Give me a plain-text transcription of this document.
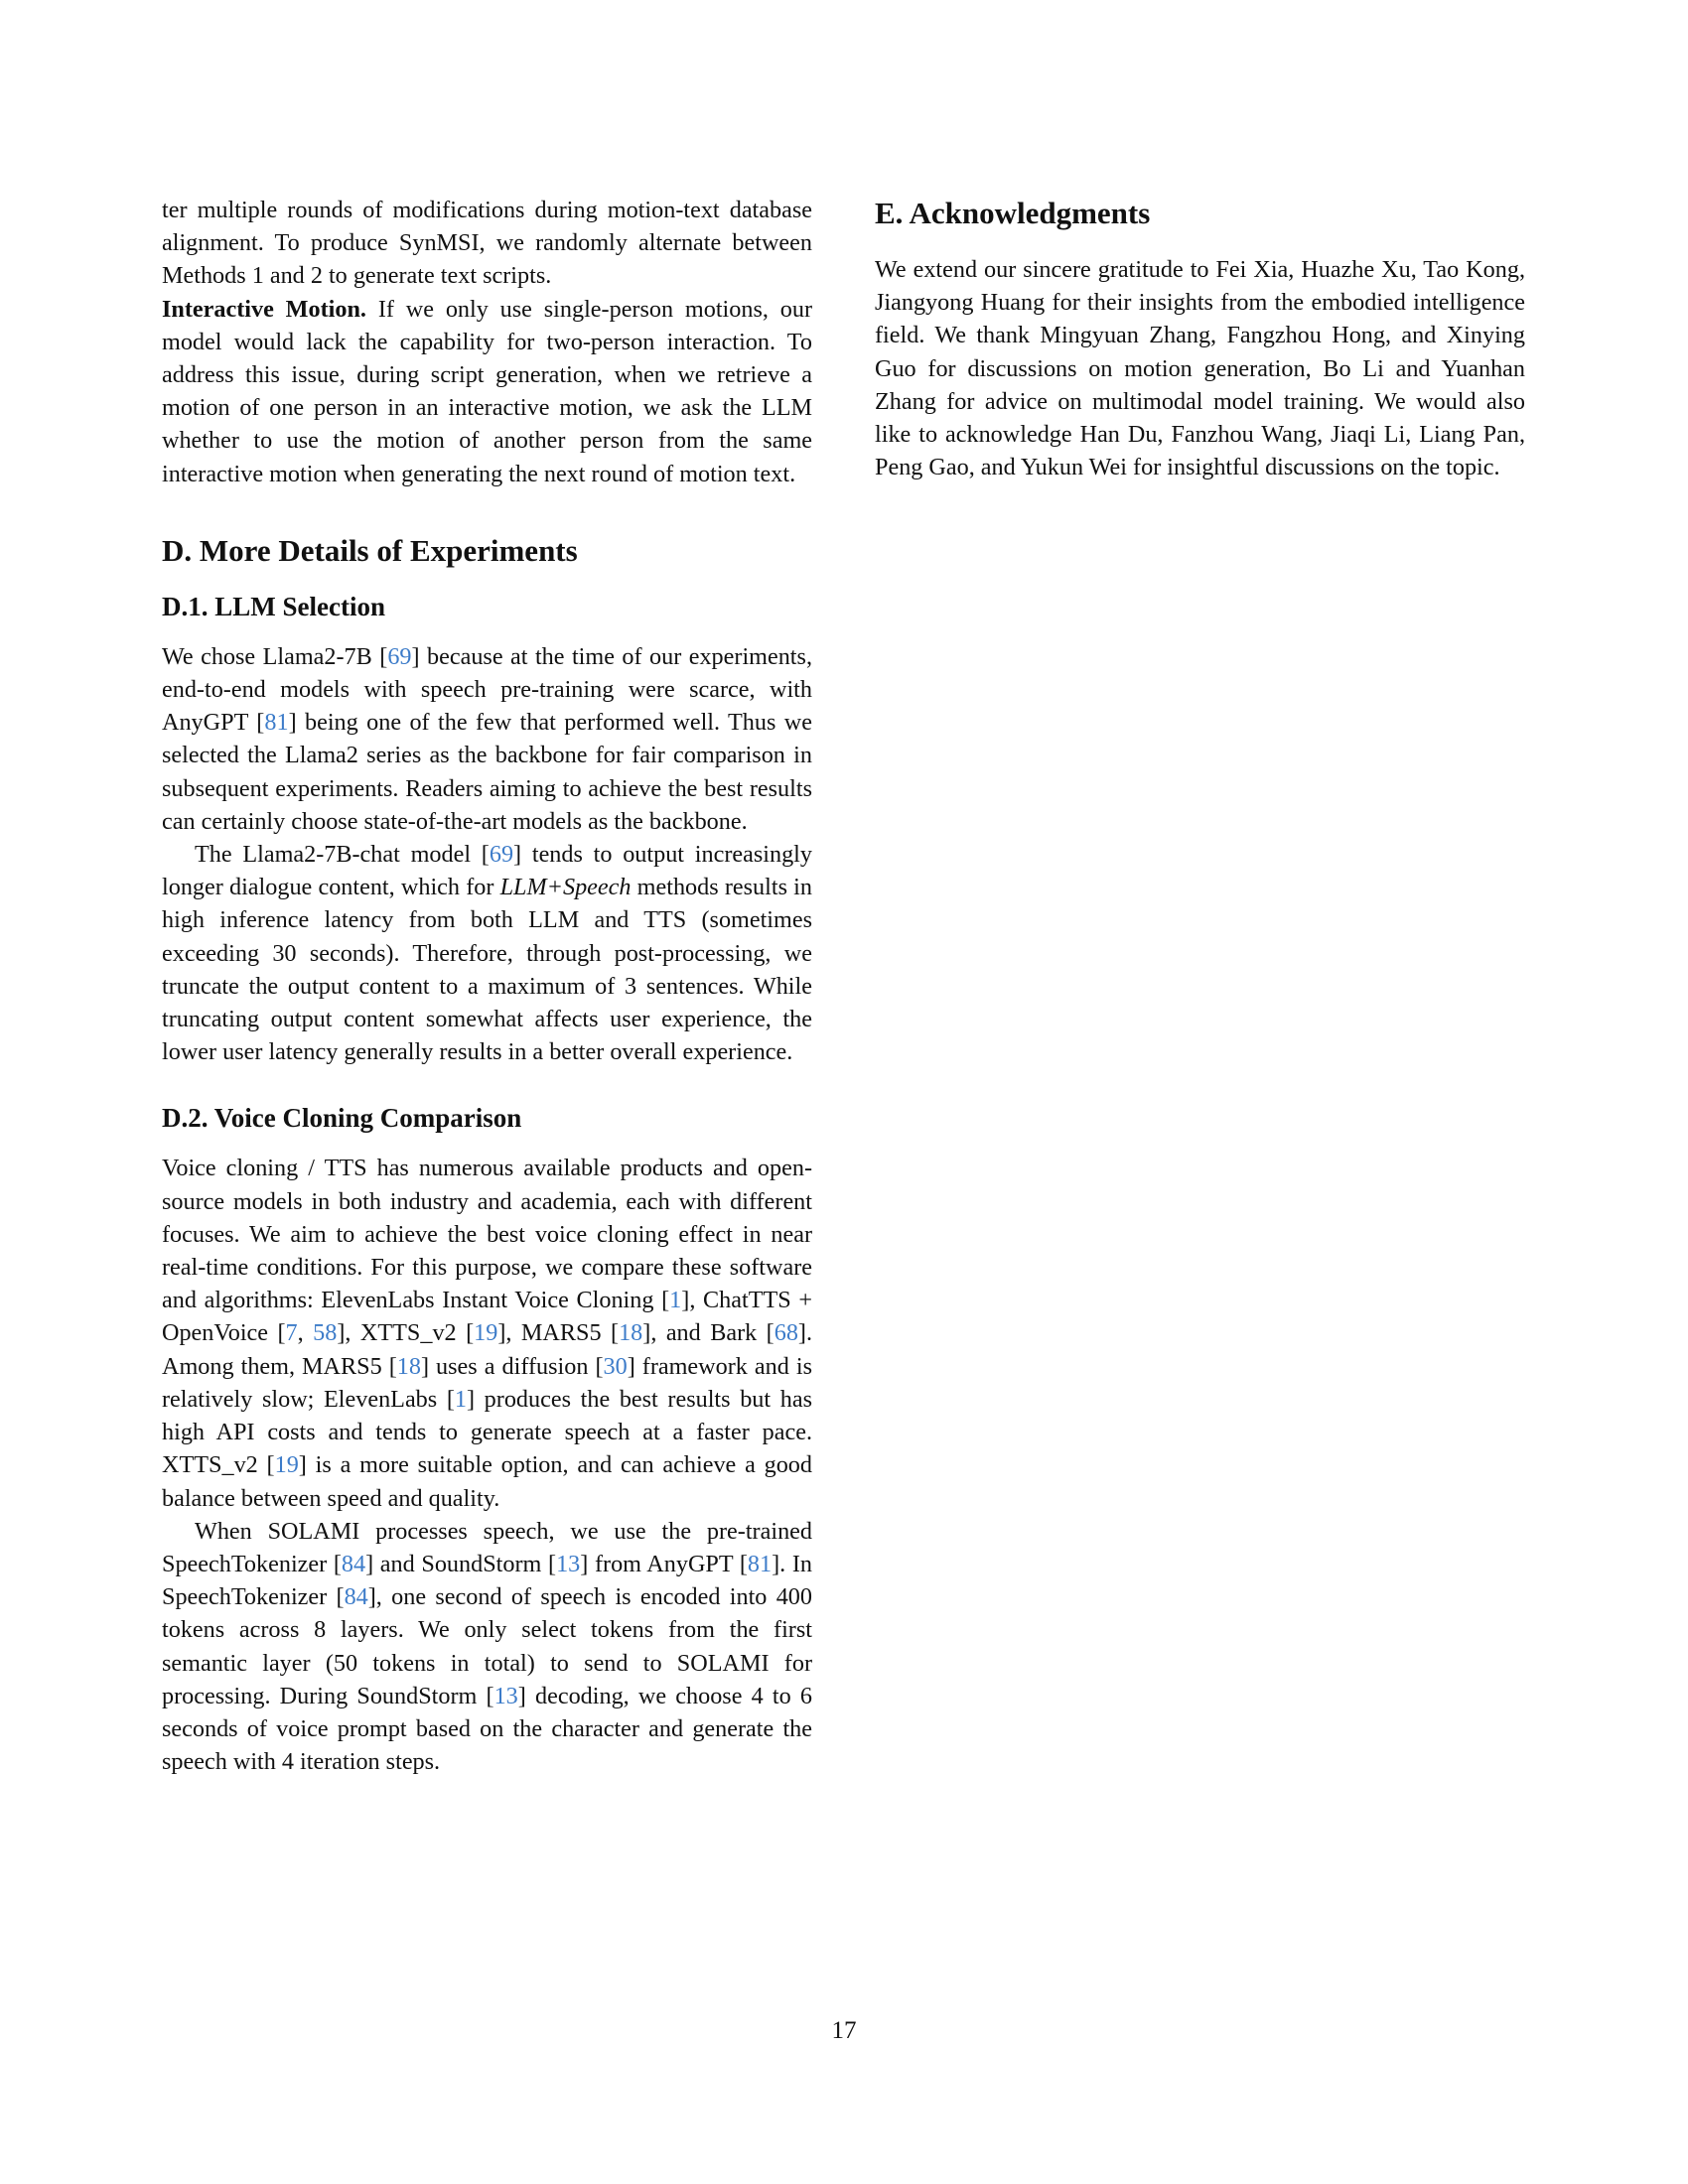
ter multiple rounds of modifications during motion-text database alignment. To produce SynMSI, we randomly alternate between Methods 1 and 2 to generate text scripts.

Interactive Motion. If we only use single-person motions, our model would lack the capability for two-person interaction. To address this issue, during script generation, when we retrieve a motion of one person in an interactive motion, we ask the LLM whether to use the motion of another person from the same interactive motion when generating the next round of motion text.

D. More Details of Experiments
D.1. LLM Selection

We chose Llama2-7B [69] because at the time of our experiments, end-to-end models with speech pre-training were scarce, with AnyGPT [81] being one of the few that performed well. Thus we selected the Llama2 series as the backbone for fair comparison in subsequent experiments. Readers aiming to achieve the best results can certainly choose state-of-the-art models as the backbone.

The Llama2-7B-chat model [69] tends to output increasingly longer dialogue content, which for LLM+Speech methods results in high inference latency from both LLM and TTS (sometimes exceeding 30 seconds). Therefore, through post-processing, we truncate the output content to a maximum of 3 sentences. While truncating output content somewhat affects user experience, the lower user latency generally results in a better overall experience.

D.2. Voice Cloning Comparison

Voice cloning / TTS has numerous available products and open-source models in both industry and academia, each with different focuses. We aim to achieve the best voice cloning effect in near real-time conditions. For this purpose, we compare these software and algorithms: ElevenLabs Instant Voice Cloning [1], ChatTTS + OpenVoice [7, 58], XTTS_v2 [19], MARS5 [18], and Bark [68]. Among them, MARS5 [18] uses a diffusion [30] framework and is relatively slow; ElevenLabs [1] produces the best results but has high API costs and tends to generate speech at a faster pace. XTTS_v2 [19] is a more suitable option, and can achieve a good balance between speed and quality.

When SOLAMI processes speech, we use the pre-trained SpeechTokenizer [84] and SoundStorm [13] from AnyGPT [81]. In SpeechTokenizer [84], one second of speech is encoded into 400 tokens across 8 layers. We only select tokens from the first semantic layer (50 tokens in total) to send to SOLAMI for processing. During SoundStorm [13] decoding, we choose 4 to 6 seconds of voice prompt based on the character and generate the speech with 4 iteration steps.

E. Acknowledgments

We extend our sincere gratitude to Fei Xia, Huazhe Xu, Tao Kong, Jiangyong Huang for their insights from the embodied intelligence field. We thank Mingyuan Zhang, Fangzhou Hong, and Xinying Guo for discussions on motion generation, Bo Li and Yuanhan Zhang for advice on multimodal model training. We would also like to acknowledge Han Du, Fanzhou Wang, Jiaqi Li, Liang Pan, Peng Gao, and Yukun Wei for insightful discussions on the topic.

17
